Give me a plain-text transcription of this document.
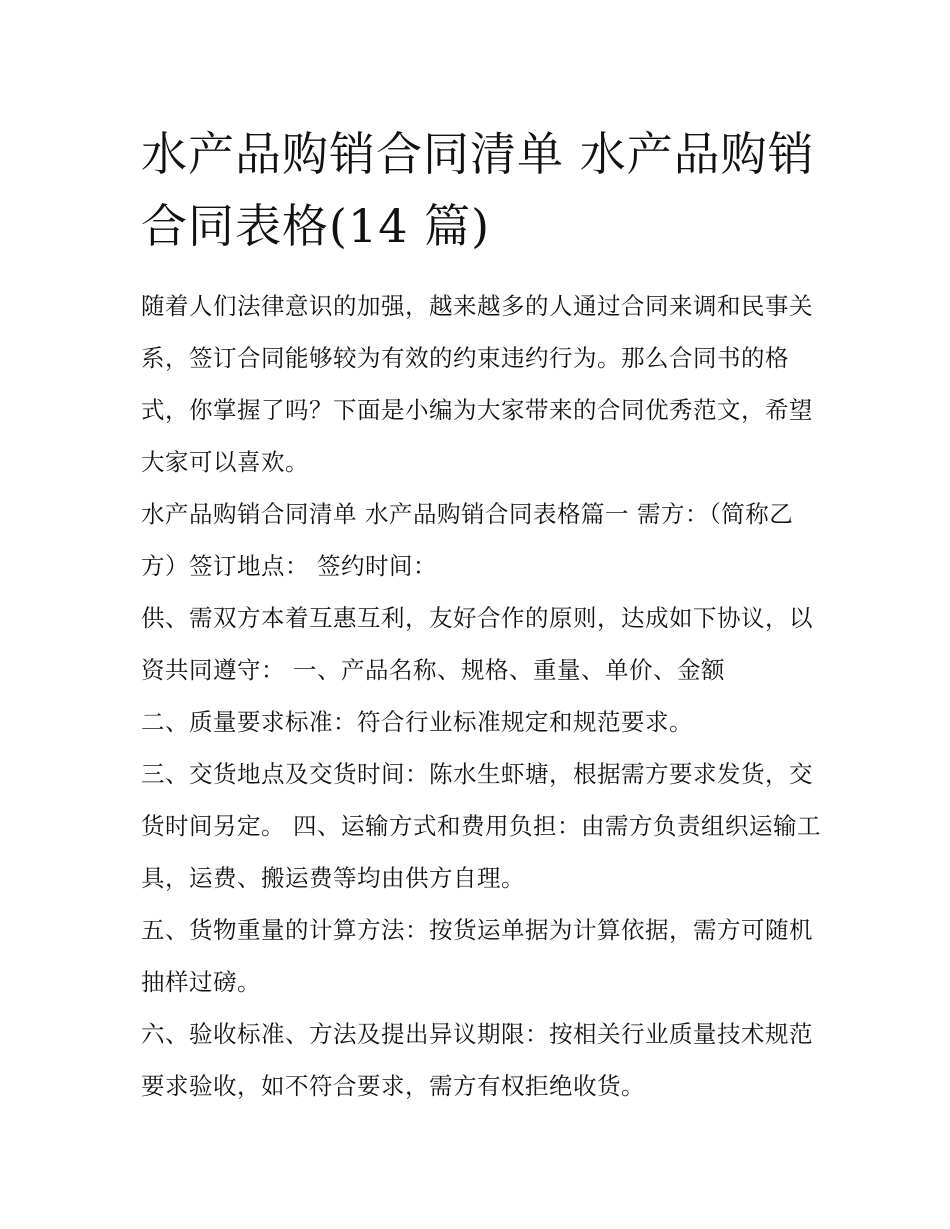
水产品购销合同清单 水产品购销合同表格(14 篇)

随着人们法律意识的加强，越来越多的人通过合同来调和民事关系，签订合同能够较为有效的约束违约行为。那么合同书的格式，你掌握了吗？下面是小编为大家带来的合同优秀范文，希望大家可以喜欢。

水产品购销合同清单 水产品购销合同表格篇一 需方：（简称乙方）签订地点： 签约时间：

供、需双方本着互惠互利，友好合作的原则，达成如下协议，以资共同遵守： 一、产品名称、规格、重量、单价、金额

二、质量要求标准：符合行业标准规定和规范要求。

三、交货地点及交货时间：陈水生虾塘，根据需方要求发货，交货时间另定。 四、运输方式和费用负担：由需方负责组织运输工具，运费、搬运费等均由供方自理。

五、货物重量的计算方法：按货运单据为计算依据，需方可随机抽样过磅。

六、验收标准、方法及提出异议期限：按相关行业质量技术规范要求验收，如不符合要求，需方有权拒绝收货。
